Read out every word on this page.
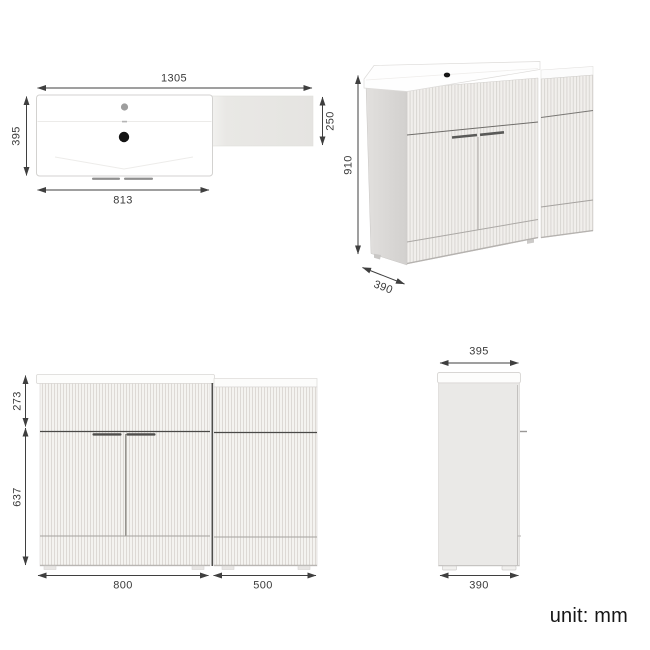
1305
395
250
813
910
390
273
637
800	500
395
390
unit: mm
